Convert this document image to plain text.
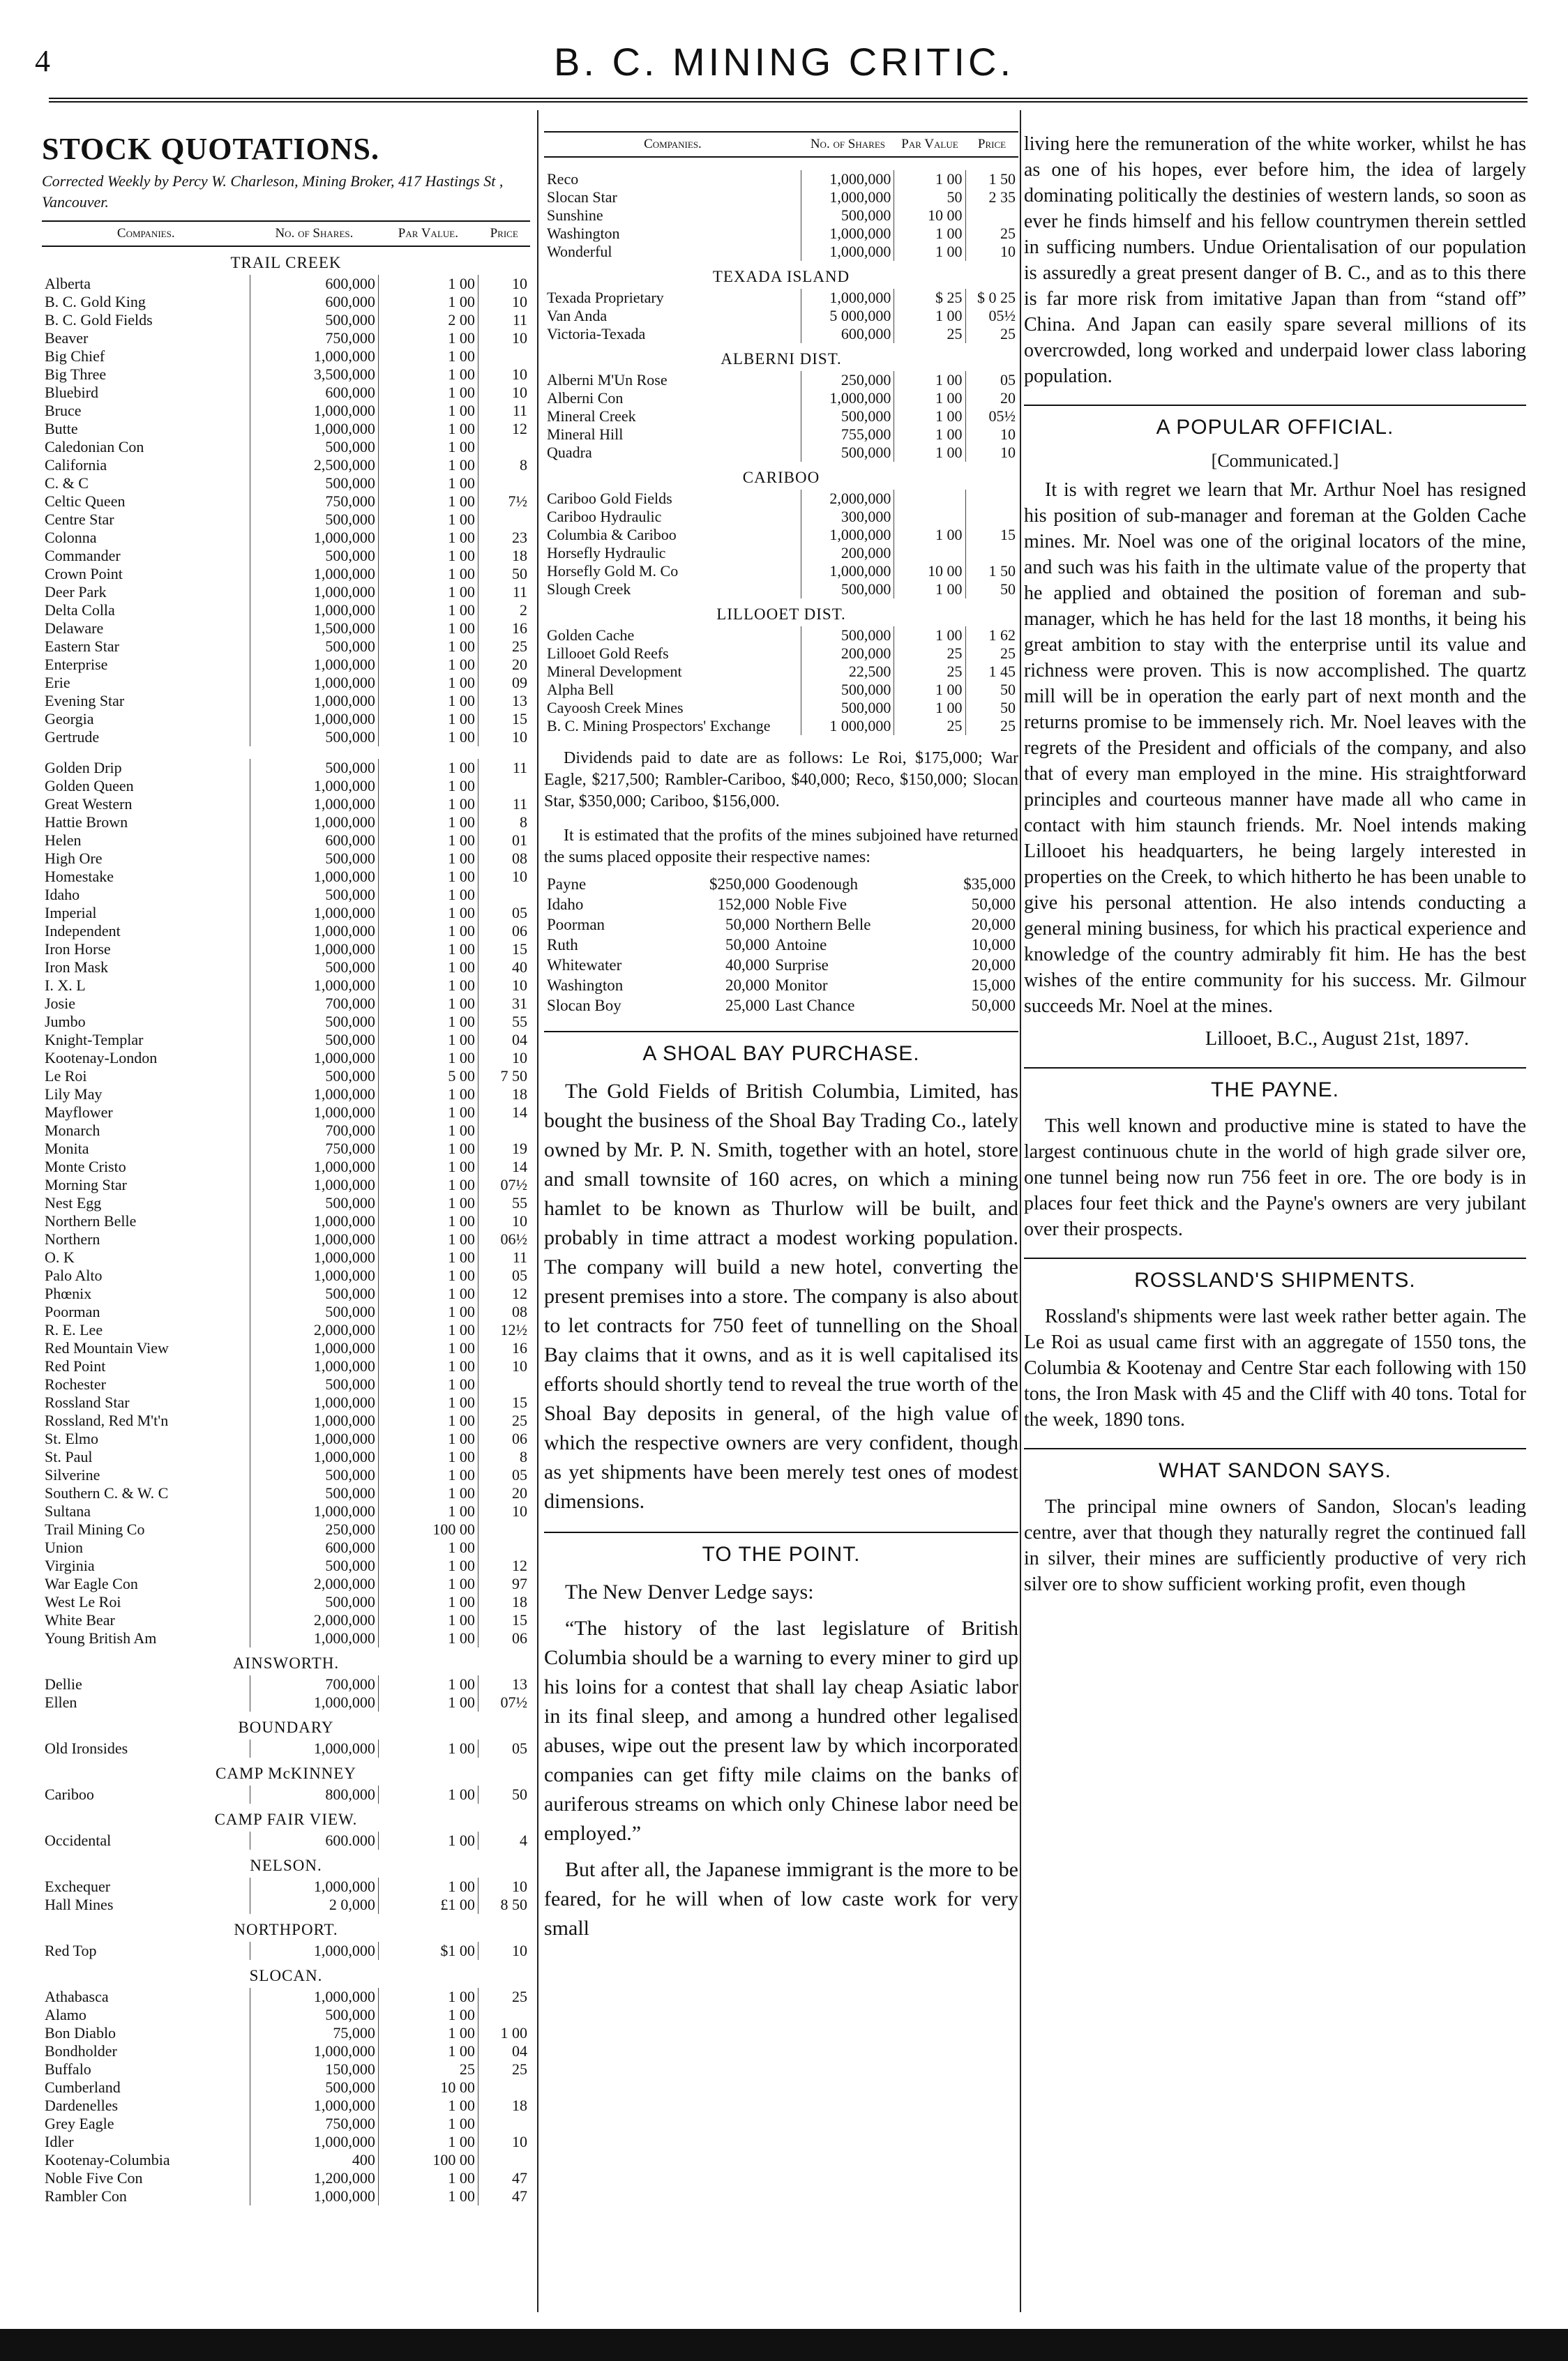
4	B. C. MINING CRITIC.
STOCK QUOTATIONS.
Corrected Weekly by Percy W. Charleson, Mining Broker, 417 Hastings St , Vancouver.
Companies.	No. of Shares.	Par Value.	Price
TRAIL CREEK			
Alberta	600,000	1 00	10
B. C. Gold King	600,000	1 00	10
B. C. Gold Fields	500,000	2 00	11
Beaver	750,000	1 00	10
Big Chief	1,000,000	1 00	
Big Three	3,500,000	1 00	10
Bluebird	600,000	1 00	10
Bruce	1,000,000	1 00	11
Butte	1,000,000	1 00	12
Caledonian Con	500,000	1 00	
California	2,500,000	1 00	8
C. & C	500,000	1 00	
Celtic Queen	750,000	1 00	7½
Centre Star	500,000	1 00	
Colonna	1,000,000	1 00	23
Commander	500,000	1 00	18
Crown Point	1,000,000	1 00	50
Deer Park	1,000,000	1 00	11
Delta Colla	1,000,000	1 00	2
Delaware	1,500,000	1 00	16
Eastern Star	500,000	1 00	25
Enterprise	1,000,000	1 00	20
Erie	1,000,000	1 00	09
Evening Star	1,000,000	1 00	13
Georgia	1,000,000	1 00	15
Gertrude	500,000	1 00	10

Golden Drip	500,000	1 00	11
Golden Queen	1,000,000	1 00	
Great Western	1,000,000	1 00	11
Hattie Brown	1,000,000	1 00	8
Helen	600,000	1 00	01
High Ore	500,000	1 00	08
Homestake	1,000,000	1 00	10
Idaho	500,000	1 00	
Imperial	1,000,000	1 00	05
Independent	1,000,000	1 00	06
Iron Horse	1,000,000	1 00	15
Iron Mask	500,000	1 00	40
I. X. L	1,000,000	1 00	10
Josie	700,000	1 00	31
Jumbo	500,000	1 00	55
Knight-Templar	500,000	1 00	04
Kootenay-London	1,000,000	1 00	10
Le Roi	500,000	5 00	7 50
Lily May	1,000,000	1 00	18
Mayflower	1,000,000	1 00	14
Monarch	700,000	1 00	
Monita	750,000	1 00	19
Monte Cristo	1,000,000	1 00	14
Morning Star	1,000,000	1 00	07½
Nest Egg	500,000	1 00	55
Northern Belle	1,000,000	1 00	10
Northern	1,000,000	1 00	06½
O. K	1,000,000	1 00	11
Palo Alto	1,000,000	1 00	05
Phœnix	500,000	1 00	12
Poorman	500,000	1 00	08
R. E. Lee	2,000,000	1 00	12½
Red Mountain View	1,000,000	1 00	16
Red Point	1,000,000	1 00	10
Rochester	500,000	1 00	
Rossland Star	1,000,000	1 00	15
Rossland, Red M't'n	1,000,000	1 00	25
St. Elmo	1,000,000	1 00	06
St. Paul	1,000,000	1 00	8
Silverine	500,000	1 00	05
Southern C. & W. C	500,000	1 00	20
Sultana	1,000,000	1 00	10
Trail Mining Co	250,000	100 00	
Union	600,000	1 00	
Virginia	500,000	1 00	12
War Eagle Con	2,000,000	1 00	97
West Le Roi	500,000	1 00	18
White Bear	2,000,000	1 00	15
Young British Am	1,000,000	1 00	06
AINSWORTH.			
Dellie	700,000	1 00	13
Ellen	1,000,000	1 00	07½
BOUNDARY			
Old Ironsides	1,000,000	1 00	05
CAMP McKINNEY			
Cariboo	800,000	1 00	50
CAMP FAIR VIEW.			
Occidental	600.000	1 00	4
NELSON.			
Exchequer	1,000,000	1 00	10
Hall Mines	2 0,000	£1 00	8 50
NORTHPORT.			
Red Top	1,000,000	$1 00	10
SLOCAN.			
Athabasca	1,000,000	1 00	25
Alamo	500,000	1 00	
Bon Diablo	75,000	1 00	1 00
Bondholder	1,000,000	1 00	04
Buffalo	150,000	25	25
Cumberland	500,000	10 00	
Dardenelles	1,000,000	1 00	18
Grey Eagle	750,000	1 00	
Idler	1,000,000	1 00	10
Kootenay-Columbia	400	100 00	
Noble Five Con	1,200,000	1 00	47
Rambler Con	1,000,000	1 00	47
Companies.	No. of Shares	Par Value	Price

Reco	1,000,000	1 00	1 50
Slocan Star	1,000,000	50	2 35
Sunshine	500,000	10 00	
Washington	1,000,000	1 00	25
Wonderful	1,000,000	1 00	10
TEXADA ISLAND			
Texada Proprietary	1,000,000	$ 25	$ 0 25
Van Anda	5 000,000	1 00	05½
Victoria-Texada	600,000	25	25
ALBERNI DIST.			
Alberni M'Un Rose	250,000	1 00	05
Alberni Con	1,000,000	1 00	20
Mineral Creek	500,000	1 00	05½
Mineral Hill	755,000	1 00	10
Quadra	500,000	1 00	10
CARIBOO			
Cariboo Gold Fields	2,000,000		
Cariboo Hydraulic	300,000		
Columbia & Cariboo	1,000,000	1 00	15
Horsefly Hydraulic	200,000		
Horsefly Gold M. Co	1,000,000	10 00	1 50
Slough Creek	500,000	1 00	50
LILLOOET DIST.			
Golden Cache	500,000	1 00	1 62
Lillooet Gold Reefs	200,000	25	25
Mineral Development	22,500	25	1 45
Alpha Bell	500,000	1 00	50
Cayoosh Creek Mines	500,000	1 00	50
B. C. Mining Prospectors' Exchange	1 000,000	25	25
Dividends paid to date are as follows: Le Roi, $175,000; War Eagle, $217,500; Rambler-Cariboo, $40,000; Reco, $150,000; Slocan Star, $350,000; Cariboo, $156,000.
It is estimated that the profits of the mines subjoined have returned the sums placed opposite their respective names:
Payne	$250,000	Goodenough	$35,000
Idaho	152,000	Noble Five	50,000
Poorman	50,000	Northern Belle	20,000
Ruth	50,000	Antoine	10,000
Whitewater	40,000	Surprise	20,000
Washington	20,000	Monitor	15,000
Slocan Boy	25,000	Last Chance	50,000
A SHOAL BAY PURCHASE.

The Gold Fields of British Columbia, Limited, has bought the business of the Shoal Bay Trading Co., lately owned by Mr. P. N. Smith, together with an hotel, store and small townsite of 160 acres, on which a mining hamlet to be known as Thurlow will be built, and probably in time attract a modest working population. The company will build a new hotel, converting the present premises into a store. The company is also about to let contracts for 750 feet of tunnelling on the Shoal Bay claims that it owns, and as it is well capitalised its efforts should shortly tend to reveal the true worth of the Shoal Bay deposits in general, of the high value of which the respective owners are very confident, though as yet shipments have been merely test ones of modest dimensions.

TO THE POINT.

The New Denver Ledge says:

“The history of the last legislature of British Columbia should be a warning to every miner to gird up his loins for a contest that shall lay cheap Asiatic labor in its final sleep, and among a hundred other legalised abuses, wipe out the present law by which incorporated companies can get fifty mile claims on the banks of auriferous streams on which only Chinese labor need be employed.”

But after all, the Japanese immigrant is the more to be feared, for he will when of low caste work for very small

living here the remuneration of the white worker, whilst he has as one of his hopes, ever before him, the idea of largely dominating politically the destinies of western lands, so soon as ever he finds himself and his fellow countrymen therein settled in sufficing numbers. Undue Orientalisation of our population is assuredly a great present danger of B. C., and as to this there is far more risk from imitative Japan than from “stand off” China. And Japan can easily spare several millions of its overcrowded, long worked and underpaid lower class laboring population.

A POPULAR OFFICIAL.
[Communicated.]

It is with regret we learn that Mr. Arthur Noel has resigned his position of sub-manager and foreman at the Golden Cache mines. Mr. Noel was one of the original locators of the mine, and such was his faith in the ultimate value of the property that he applied and obtained the position of foreman and sub-manager, which he has held for the last 18 months, it being his great ambition to stay with the enterprise until its value and richness were proven. This is now accomplished. The quartz mill will be in operation the early part of next month and the returns promise to be immensely rich. Mr. Noel leaves with the regrets of the President and officials of the company, and also that of every man employed in the mine. His straightforward principles and courteous manner have made all who came in contact with him staunch friends. Mr. Noel intends making Lillooet his headquarters, he being largely interested in properties on the Creek, to which hitherto he has been unable to give his personal attention. He also intends conducting a general mining business, for which his practical experience and knowledge of the country admirably fit him. He has the best wishes of the entire community for his success. Mr. Gilmour succeeds Mr. Noel at the mines.

Lillooet, B.C., August 21st, 1897.

THE PAYNE.

This well known and productive mine is stated to have the largest continuous chute in the world of high grade silver ore, one tunnel being now run 756 feet in ore. The ore body is in places four feet thick and the Payne's owners are very jubilant over their prospects.

ROSSLAND'S SHIPMENTS.

Rossland's shipments were last week rather better again. The Le Roi as usual came first with an aggregate of 1550 tons, the Columbia & Kootenay and Centre Star each following with 150 tons, the Iron Mask with 45 and the Cliff with 40 tons. Total for the week, 1890 tons.

WHAT SANDON SAYS.

The principal mine owners of Sandon, Slocan's leading centre, aver that though they naturally regret the continued fall in silver, their mines are sufficiently productive of very rich silver ore to show sufficient working profit, even though
